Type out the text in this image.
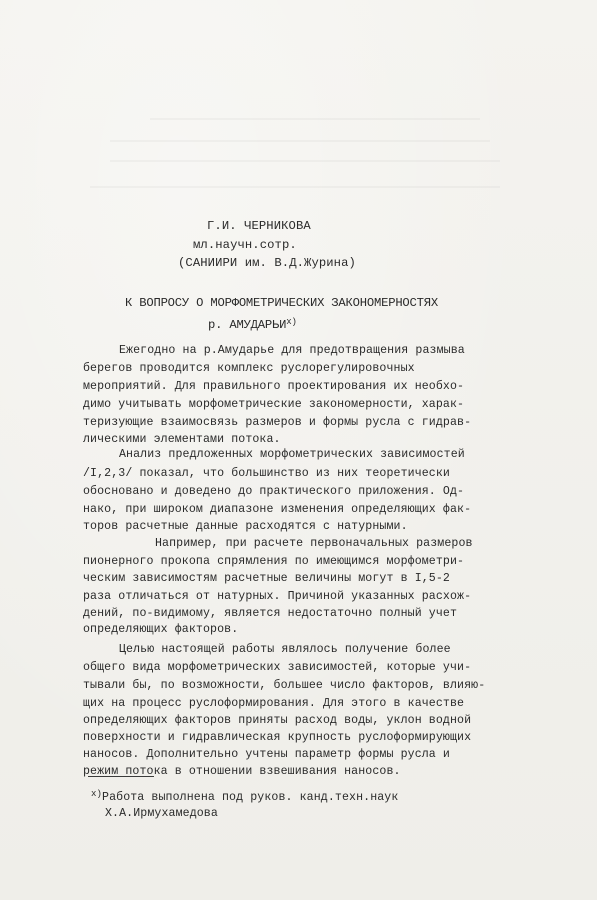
Г.И. ЧЕРНИКОВА
мл.научн.сотр.
(САНИИРИ им. В.Д.Журина)
К ВОПРОСУ О МОРФОМЕТРИЧЕСКИХ ЗАКОНОМЕРНОСТЯХ
р. $АМУДАРЬИ^{х)}$
Ежегодно на р.Амударье для предотвращения размыва
берегов проводится комплекс руслорегулировочных
мероприятий. Для правильного проектирования их необхо-
димо учитывать морфометрические закономерности, харак-
теризующие взаимосвязь размеров и формы русла с гидрав-
лическими элементами потока.
Анализ предложенных морфометрических зависимостей
/I,2,3/ показал, что большинство из них теоретически
обосновано и доведено до практического приложения. Од-
нако, при широком диапазоне изменения определяющих фак-
торов расчетные данные расходятся с натурными.
Например, при расчете первоначальных размеров
пионерного прокопа спрямления по имеющимся морфометри-
ческим зависимостям расчетные величины могут в I,5-2
раза отличаться от натурных. Причиной указанных расхож-
дений, по-видимому, является недостаточно полный учет
определяющих факторов.
Целью настоящей работы являлось получение более
общего вида морфометрических зависимостей, которые учи-
тывали бы, по возможности, большее число факторов, влияю-
щих на процесс руслоформирования. Для этого в качестве
определяющих факторов приняты расход воды, уклон водной
поверхности и гидравлическая крупность руслоформирующих
наносов. Дополнительно учтены параметр формы русла и
режим потока в отношении взвешивания наносов.
$^{х)}$Работа выполнена под руков. канд.техн.наук
Х.А.Ирмухамедова
